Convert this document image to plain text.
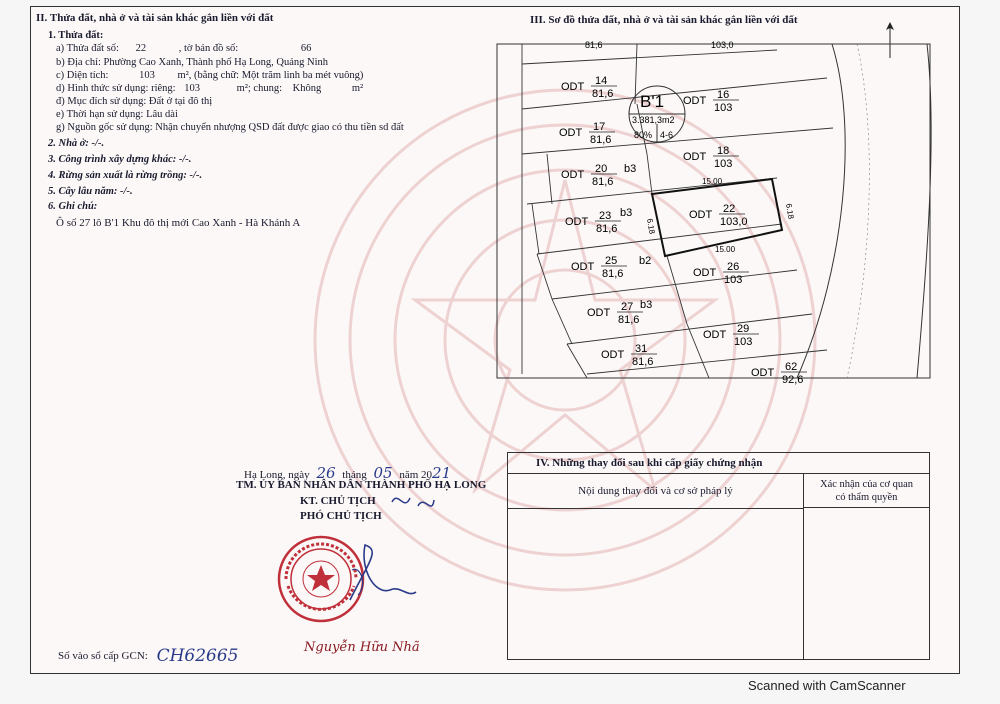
II. Thửa đất, nhà ở và tài sản khác gắn liền với đất
1. Thửa đất:
a) Thửa đất số: 22	, tờ bản đồ số:	66
b) Địa chỉ: Phường Cao Xanh, Thành phố Hạ Long, Quảng Ninh
c) Diện tích:	103 m², (bằng chữ: Một trăm linh ba mét vuông)
d) Hình thức sử dụng: riêng: 103	m²; chung: Không	m²
đ) Mục đích sử dụng: Đất ở tại đô thị
e) Thời hạn sử dụng: Lâu dài
g) Nguồn gốc sử dụng: Nhận chuyển nhượng QSD đất được giao có thu tiền sd đất
2. Nhà ở: -/-.
3. Công trình xây dựng khác: -/-.
4. Rừng sản xuất là rừng trồng: -/-.
5. Cây lâu năm: -/-.
6. Ghi chú:
Ô số 27 lô B'1 Khu đô thị mới Cao Xanh - Hà Khánh A
III. Sơ đồ thửa đất, nhà ở và tài sản khác gắn liền với đất
15.00
15.00
6.18
6.18
B'1
3.381,3m2
80% 4-6
81,6	103,0
ODT 14
81,6
ODT 16
103
ODT 17
81,6
ODT 18
103
ODT 20
81,6
ODT 22
103,0
ODT 23
81,6
ODT 25
81,6	ODT 26
103
ODT 27
81,6
ODT 29
103
ODT 31
81,6
ODT 62
92,6
b3
b3
b2
b3
Hạ Long, ngày 26 tháng 05 năm 2021
TM. ỦY BAN NHÂN DÂN THÀNH PHỐ HẠ LONG
KT. CHỦ TỊCH
PHÓ CHỦ TỊCH
Nguyễn Hữu Nhã
IV. Những thay đổi sau khi cấp giấy chứng nhận
Nội dung thay đổi và cơ sở pháp lý
Xác nhận của cơ quan
có thẩm quyền
Số vào sổ cấp GCN: CH62665
Scanned with CamScanner
